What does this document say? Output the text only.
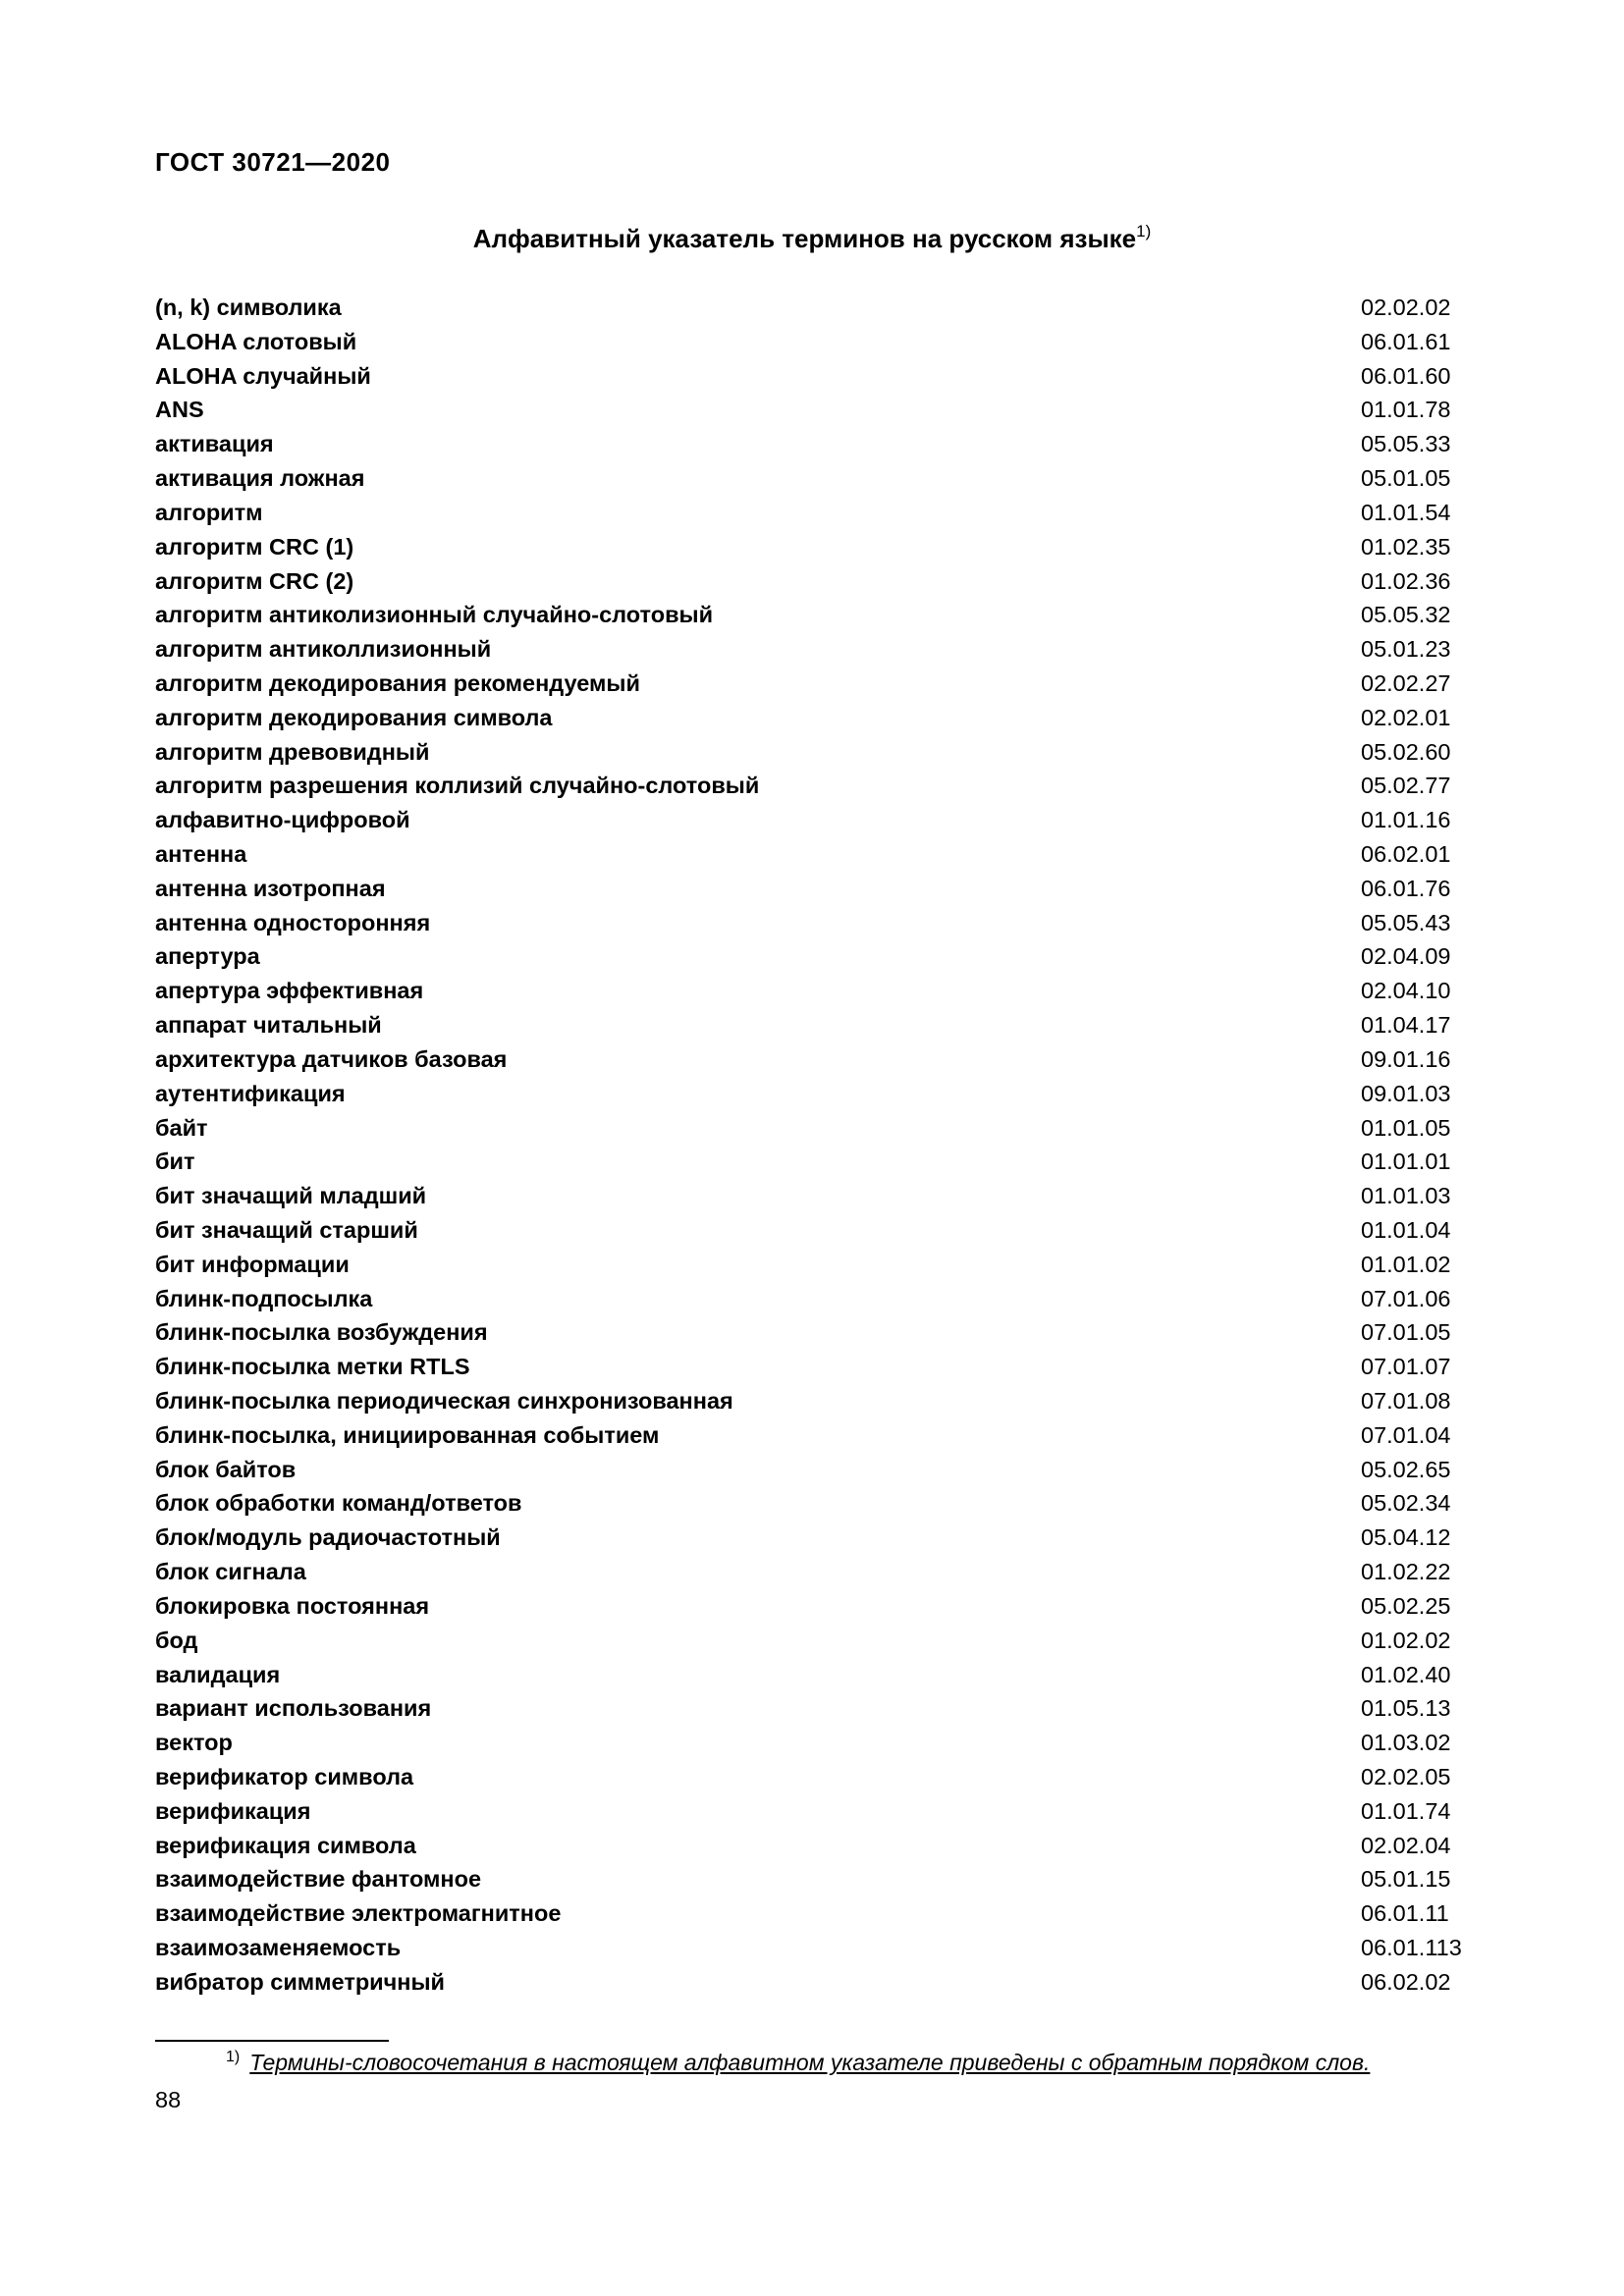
ГОСТ 30721—2020
Алфавитный указатель терминов на русском языке$^{1)}$
(n, k) символика	02.02.02
ALOHA слотовый	06.01.61
ALOHA случайный	06.01.60
ANS	01.01.78
активация	05.05.33
активация ложная	05.01.05
алгоритм	01.01.54
алгоритм CRC (1)	01.02.35
алгоритм CRC (2)	01.02.36
алгоритм антиколизионный случайно-слотовый	05.05.32
алгоритм антиколлизионный	05.01.23
алгоритм декодирования рекомендуемый	02.02.27
алгоритм декодирования символа	02.02.01
алгоритм древовидный	05.02.60
алгоритм разрешения коллизий случайно-слотовый	05.02.77
алфавитно-цифровой	01.01.16
антенна	06.02.01
антенна изотропная	06.01.76
антенна односторонняя	05.05.43
апертура	02.04.09
апертура эффективная	02.04.10
аппарат читальный	01.04.17
архитектура датчиков базовая	09.01.16
аутентификация	09.01.03
байт	01.01.05
бит	01.01.01
бит значащий младший	01.01.03
бит значащий старший	01.01.04
бит информации	01.01.02
блинк-подпосылка	07.01.06
блинк-посылка возбуждения	07.01.05
блинк-посылка метки RTLS	07.01.07
блинк-посылка периодическая синхронизованная	07.01.08
блинк-посылка, инициированная событием	07.01.04
блок байтов	05.02.65
блок обработки команд/ответов	05.02.34
блок/модуль радиочастотный	05.04.12
блок сигнала	01.02.22
блокировка постоянная	05.02.25
бод	01.02.02
валидация	01.02.40
вариант использования	01.05.13
вектор	01.03.02
верификатор символа	02.02.05
верификация	01.01.74
верификация символа	02.02.04
взаимодействие фантомное	05.01.15
взаимодействие электромагнитное	06.01.11
взаимозаменяемость	06.01.113
вибратор симметричный	06.02.02
$^{1)}$ Термины-словосочетания в настоящем алфавитном указателе приведены с обратным порядком слов.
88
